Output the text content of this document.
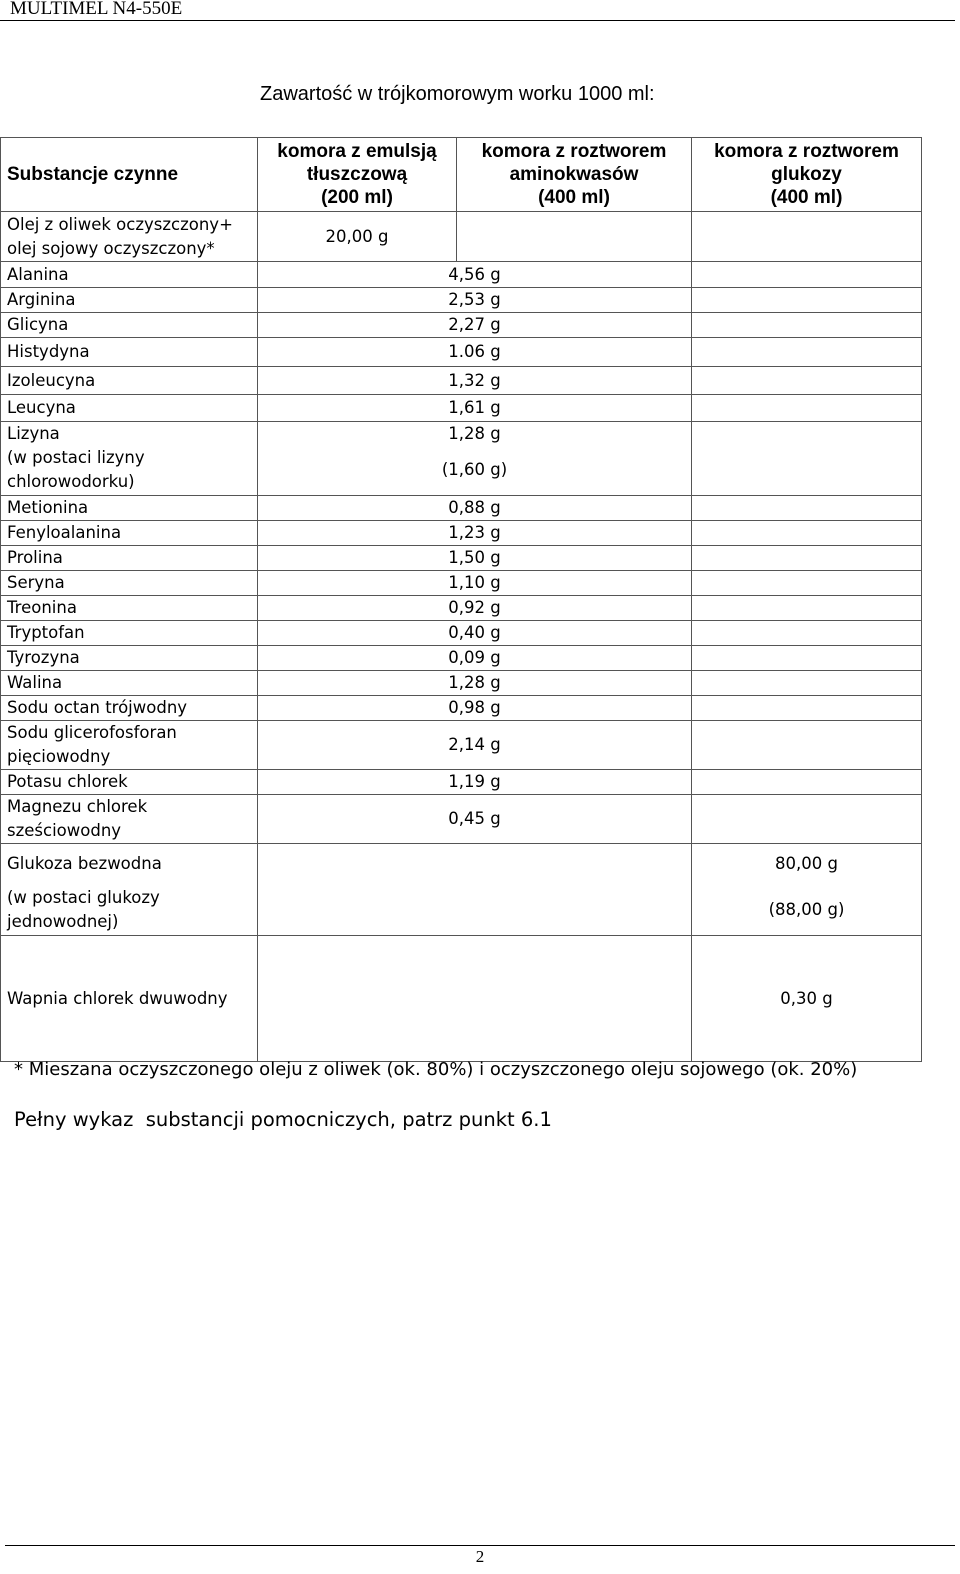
MULTIMEL N4-550E
Zawartość w trójkomorowym worku 1000 ml:
Substancje czynne	komora z emulsją
tłuszczową
(200 ml)	komora z roztworem
aminokwasów
(400 ml)	komora z roztworem
glukozy
(400 ml)
Olej z oliwek oczyszczony+
olej sojowy oczyszczony*	20,00 g		
Alanina	4,56 g		
Arginina	2,53 g		
Glicyna	2,27 g		
Histydyna	1.06 g		
Izoleucyna	1,32 g		
Leucyna	1,61 g		
Lizyna
(w postaci lizyny
chlorowodorku)	1,28 g

(1,60 g)		
Metionina	0,88 g		
Fenyloalanina	1,23 g		
Prolina	1,50 g		
Seryna	1,10 g		
Treonina	0,92 g		
Tryptofan	0,40 g		
Tyrozyna	0,09 g		
Walina	1,28 g		
Sodu octan trójwodny	0,98 g		
Sodu glicerofosforan
pięciowodny	2,14 g		
Potasu chlorek	1,19 g		
Magnezu chlorek
sześciowodny	0,45 g		
Glukoza bezwodna
(w postaci glukozy
jednowodnej)			80,00 g
(88,00 g)
Wapnia chlorek dwuwodny			0,30 g
* Mieszana oczyszczonego oleju z oliwek (ok. 80%) i oczyszczonego oleju sojowego (ok. 20%)
Pełny wykaz  substancji pomocniczych, patrz punkt 6.1
2
